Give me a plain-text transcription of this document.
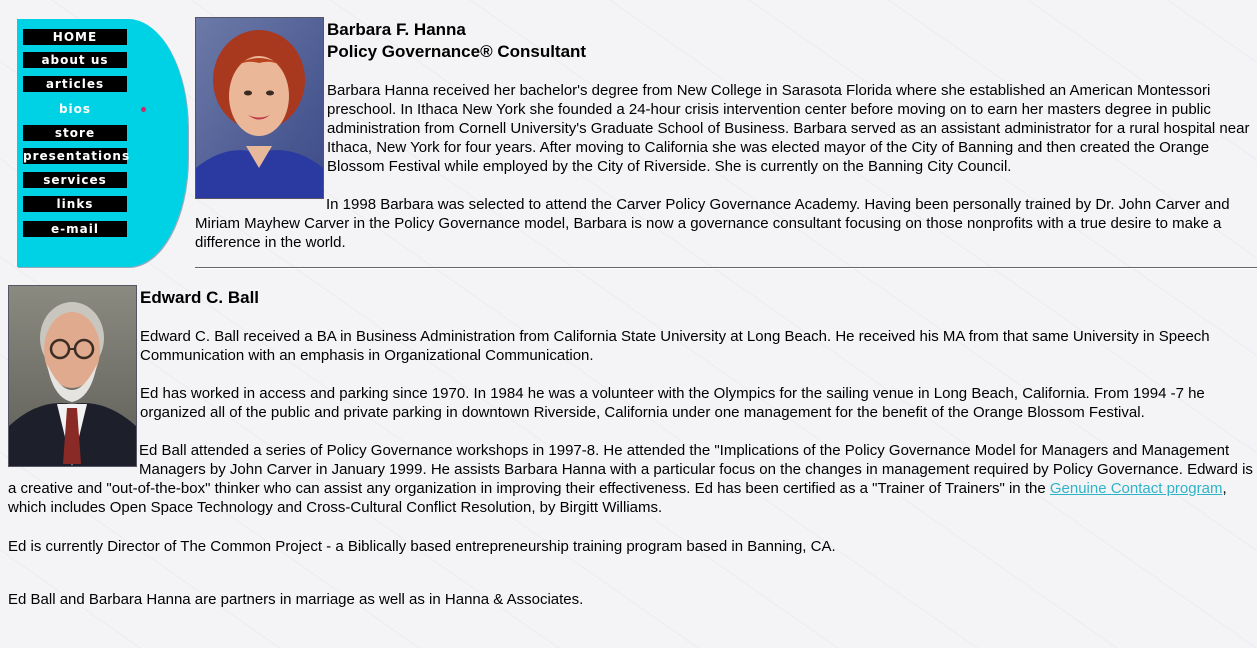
HOME
about us
articles
bios
store
presentations
services
links
e-mail
Barbara F. Hanna
Policy Governance® Consultant

Barbara Hanna received her bachelor's degree from New College in Sarasota Florida where she established an American Montessori preschool. In Ithaca New York she founded a 24-hour crisis intervention center before moving on to earn her masters degree in public administration from Cornell University's Graduate School of Business. Barbara served as an assistant administrator for a rural hospital near Ithaca, New York for four years. After moving to California she was elected mayor of the City of Banning and then created the Orange Blossom Festival while employed by the City of Riverside. She is currently on the Banning City Council.

In 1998 Barbara was selected to attend the Carver Policy Governance Academy. Having been personally trained by Dr. John Carver and Miriam Mayhew Carver in the Policy Governance model, Barbara is now a governance consultant focusing on those nonprofits with a true desire to make a difference in the world.
Edward C. Ball

Edward C. Ball received a BA in Business Administration from California State University at Long Beach. He received his MA from that same University in Speech Communication with an emphasis in Organizational Communication.

Ed has worked in access and parking since 1970. In 1984 he was a volunteer with the Olympics for the sailing venue in Long Beach, California. From 1994 -7 he organized all of the public and private parking in downtown Riverside, California under one management for the benefit of the Orange Blossom Festival.

Ed Ball attended a series of Policy Governance workshops in 1997-8. He attended the "Implications of the Policy Governance Model for Managers and Management Managers by John Carver in January 1999. He assists Barbara Hanna with a particular focus on the changes in management required by Policy Governance. Edward is a creative and "out-of-the-box" thinker who can assist any organization in improving their effectiveness. Ed has been certified as a "Trainer of Trainers" in the Genuine Contact program, which includes Open Space Technology and Cross-Cultural Conflict Resolution, by Birgitt Williams.

Ed is currently Director of The Common Project - a Biblically based entrepreneurship training program based in Banning, CA.

Ed Ball and Barbara Hanna are partners in marriage as well as in Hanna & Associates.
